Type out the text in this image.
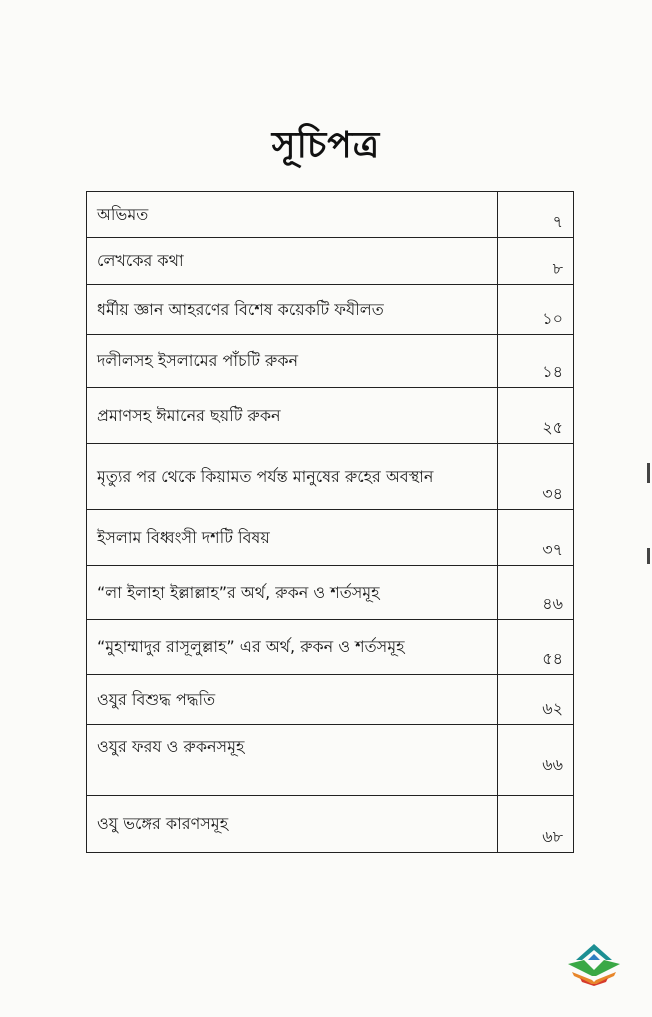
সূচিপত্র
অভিমত	৭
লেখকের কথা	৮
ধর্মীয় জ্ঞান আহরণের বিশেষ কয়েকটি ফযীলত	১০
দলীলসহ ইসলামের পাঁচটি রুকন	১৪
প্রমাণসহ ঈমানের ছয়টি রুকন	২৫
মৃত্যুর পর থেকে কিয়ামত পর্যন্ত মানুষের রুহের অবস্থান	৩৪
ইসলাম বিধ্বংসী দশটি বিষয়	৩৭
“লা ইলাহা ইল্লাল্লাহ”র অর্থ, রুকন ও শর্তসমূহ	৪৬
“মুহাম্মাদুর রাসূলুল্লাহ” এর অর্থ, রুকন ও শর্তসমূহ	৫৪
ওযুর বিশুদ্ধ পদ্ধতি	৬২
ওযুর ফরয ও রুকনসমূহ	৬৬
ওযু ভঙ্গের কারণসমূহ	৬৮
